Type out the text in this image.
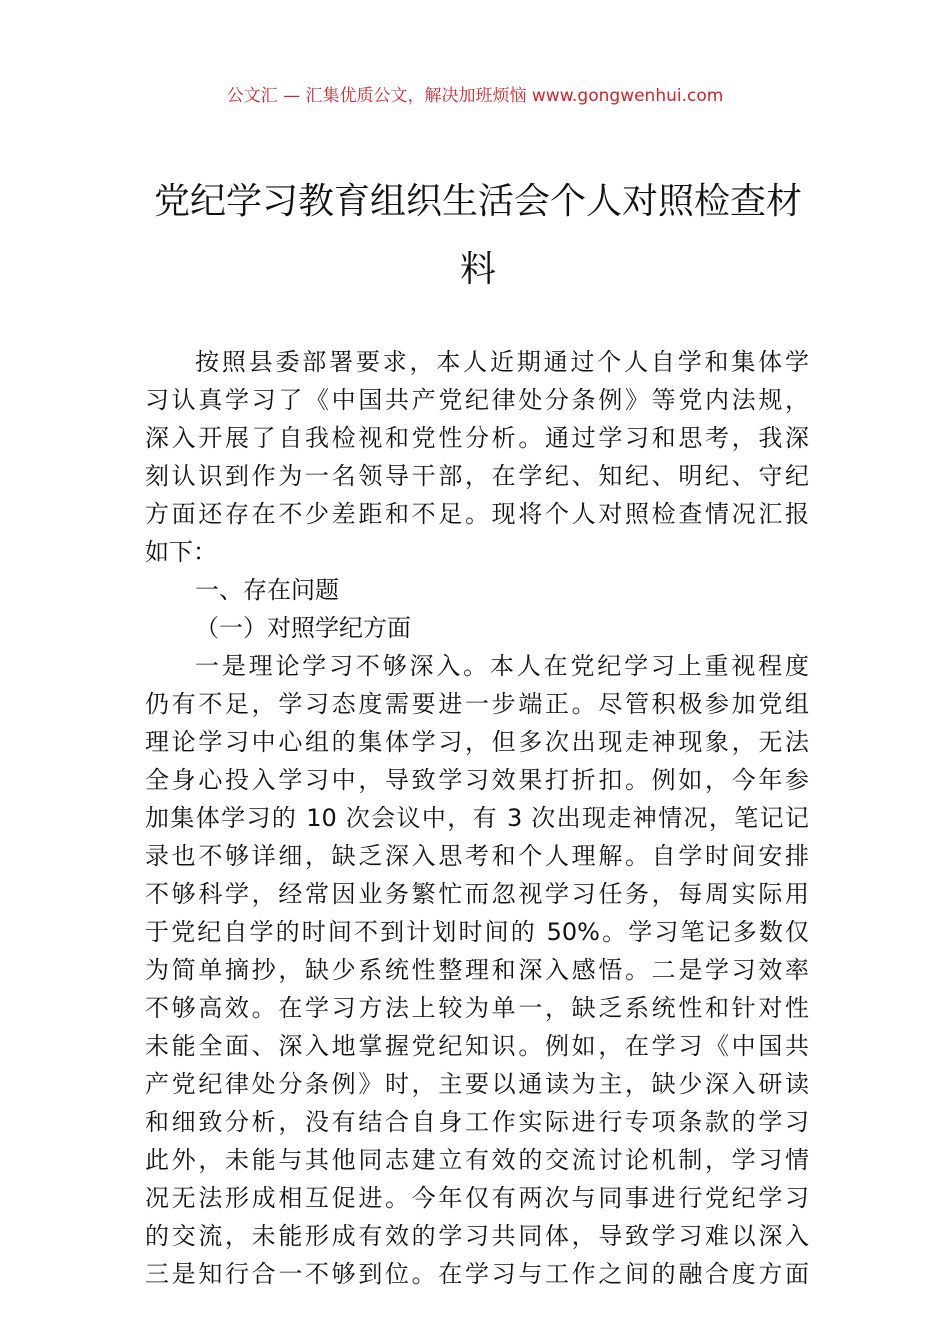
公文汇 — 汇集优质公文，解决加班烦恼 www.gongwenhui.com
党纪学习教育组织生活会个人对照检查材
料
按照县委部署要求，本人近期通过个人自学和集体学
习认真学习了《中国共产党纪律处分条例》等党内法规，
深入开展了自我检视和党性分析。通过学习和思考，我深
刻认识到作为一名领导干部，在学纪、知纪、明纪、守纪
方面还存在不少差距和不足。现将个人对照检查情况汇报
如下：
一、存在问题
（一）对照学纪方面
一是理论学习不够深入。本人在党纪学习上重视程度
仍有不足，学习态度需要进一步端正。尽管积极参加党组
理论学习中心组的集体学习，但多次出现走神现象，无法
全身心投入学习中，导致学习效果打折扣。例如，今年参
加集体学习的 10 次会议中，有 3 次出现走神情况，笔记记
录也不够详细，缺乏深入思考和个人理解。自学时间安排
不够科学，经常因业务繁忙而忽视学习任务，每周实际用
于党纪自学的时间不到计划时间的 50%。学习笔记多数仅
为简单摘抄，缺少系统性整理和深入感悟。二是学习效率
不够高效。在学习方法上较为单一，缺乏系统性和针对性
未能全面、深入地掌握党纪知识。例如，在学习《中国共
产党纪律处分条例》时，主要以通读为主，缺少深入研读
和细致分析，没有结合自身工作实际进行专项条款的学习
此外，未能与其他同志建立有效的交流讨论机制，学习情
况无法形成相互促进。今年仅有两次与同事进行党纪学习
的交流，未能形成有效的学习共同体，导致学习难以深入
三是知行合一不够到位。在学习与工作之间的融合度方面
